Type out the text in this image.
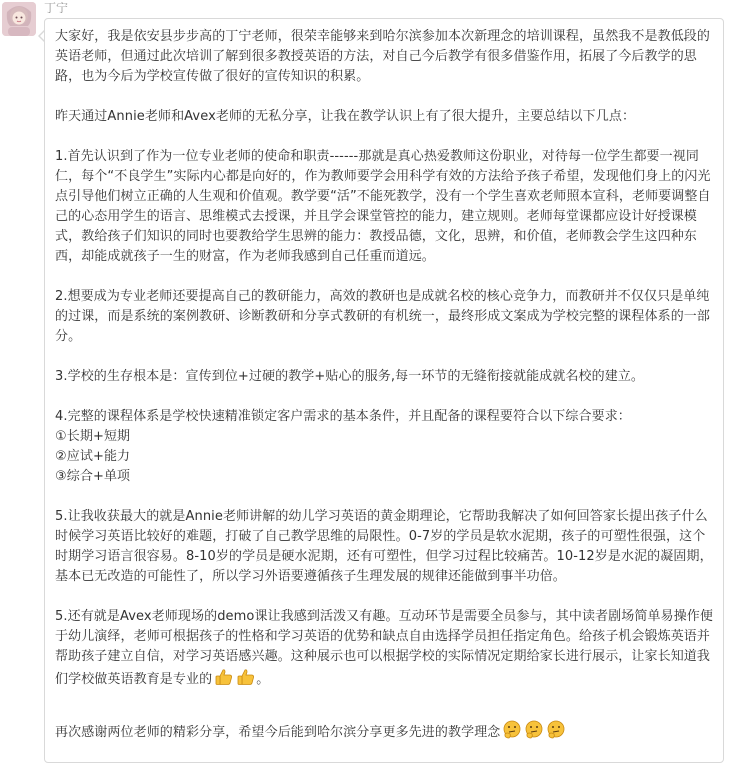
丁宁

大家好，我是依安县步步高的丁宁老师，很荣幸能够来到哈尔滨参加本次新理念的培训课程，虽然我不是教低段的英语老师，但通过此次培训了解到很多教授英语的方法，对自己今后教学有很多借鉴作用，拓展了今后教学的思路，也为今后为学校宣传做了很好的宣传知识的积累。

昨天通过Annie老师和Avex老师的无私分享，让我在教学认识上有了很大提升，主要总结以下几点：

1.首先认识到了作为一位专业老师的使命和职责------那就是真心热爱教师这份职业，对待每一位学生都要一视同仁，每个“不良学生”实际内心都是向好的，作为教师要学会用科学有效的方法给予孩子希望，发现他们身上的闪光点引导他们树立正确的人生观和价值观。教学要“活”不能死教学，没有一个学生喜欢老师照本宣科，老师要调整自己的心态用学生的语言、思维模式去授课，并且学会课堂管控的能力，建立规则。老师每堂课都应设计好授课模式，教给孩子们知识的同时也要教给学生思辨的能力：教授品德，文化，思辨，和价值，老师教会学生这四种东西，却能成就孩子一生的财富，作为老师我感到自己任重而道远。

2.想要成为专业老师还要提高自己的教研能力，高效的教研也是成就名校的核心竞争力，而教研并不仅仅只是单纯的过课，而是系统的案例教研、诊断教研和分享式教研的有机统一，最终形成文案成为学校完整的课程体系的一部分。

3.学校的生存根本是：宣传到位+过硬的教学+贴心的服务,每一环节的无缝衔接就能成就名校的建立。

4.完整的课程体系是学校快速精准锁定客户需求的基本条件，并且配备的课程要符合以下综合要求：

①长期+短期

②应试+能力

③综合+单项

5.让我收获最大的就是Annie老师讲解的幼儿学习英语的黄金期理论，它帮助我解决了如何回答家长提出孩子什么时候学习英语比较好的难题，打破了自己教学思维的局限性。0-7岁的学员是软水泥期，孩子的可塑性很强，这个时期学习语言很容易。8-10岁的学员是硬水泥期，还有可塑性，但学习过程比较痛苦。10-12岁是水泥的凝固期，基本已无改造的可能性了，所以学习外语要遵循孩子生理发展的规律还能做到事半功倍。

5.还有就是Avex老师现场的demo课让我感到活泼又有趣。互动环节是需要全员参与，其中读者剧场简单易操作便于幼儿演绎，老师可根据孩子的性格和学习英语的优势和缺点自由选择学员担任指定角色。给孩子机会锻炼英语并帮助孩子建立自信，对学习英语感兴趣。这种展示也可以根据学校的实际情况定期给家长进行展示，让家长知道我们学校做英语教育是专业的	。

再次感谢两位老师的精彩分享，希望今后能到哈尔滨分享更多先进的教学理念
